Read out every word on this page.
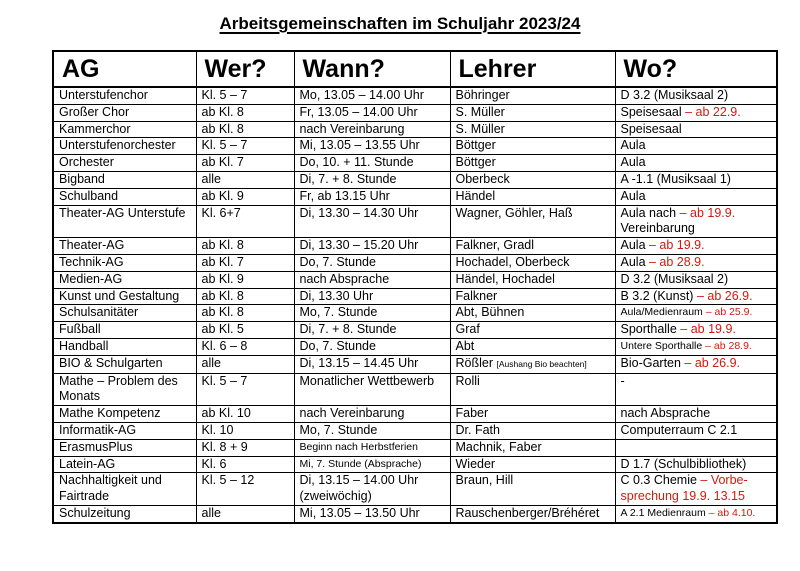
Arbeitsgemeinschaften im Schuljahr 2023/24
AG	Wer?	Wann?	Lehrer	Wo?
Unterstufenchor	Kl. 5 – 7	Mo, 13.05 – 14.00 Uhr	Böhringer	D 3.2 (Musiksaal 2)
Großer Chor	ab Kl. 8	Fr, 13.05 – 14.00 Uhr	S. Müller	Speisesaal – ab 22.9.
Kammerchor	ab Kl. 8	nach Vereinbarung	S. Müller	Speisesaal
Unterstufenorchester	Kl. 5 – 7	Mi, 13.05 – 13.55 Uhr	Böttger	Aula
Orchester	ab Kl. 7	Do, 10. + 11. Stunde	Böttger	Aula
Bigband	alle	Di, 7. + 8. Stunde	Oberbeck	A -1.1 (Musiksaal 1)
Schulband	ab Kl. 9	Fr, ab 13.15 Uhr	Händel	Aula
Theater-AG Unterstufe	Kl. 6+7	Di, 13.30 – 14.30 Uhr	Wagner, Göhler, Haß	Aula nach – ab 19.9.
Vereinbarung
Theater-AG	ab Kl. 8	Di, 13.30 – 15.20 Uhr	Falkner, Gradl	Aula – ab 19.9.
Technik-AG	ab Kl. 7	Do, 7. Stunde	Hochadel, Oberbeck	Aula – ab 28.9.
Medien-AG	ab Kl. 9	nach Absprache	Händel, Hochadel	D 3.2 (Musiksaal 2)
Kunst und Gestaltung	ab Kl. 8	Di, 13.30 Uhr	Falkner	B 3.2 (Kunst) – ab 26.9.
Schulsanitäter	ab Kl. 8	Mo, 7. Stunde	Abt, Bühnen	Aula/Medienraum – ab 25.9.
Fußball	ab Kl. 5	Di, 7. + 8. Stunde	Graf	Sporthalle – ab 19.9.
Handball	Kl. 6 – 8	Do, 7. Stunde	Abt	Untere Sporthalle – ab 28.9.
BIO & Schulgarten	alle	Di, 13.15 – 14.45 Uhr	Rößler [Aushang Bio beachten]	Bio-Garten – ab 26.9.
Mathe – Problem des Monats	Kl. 5 – 7	Monatlicher Wettbewerb	Rolli	-
Mathe Kompetenz	ab Kl. 10	nach Vereinbarung	Faber	nach Absprache
Informatik-AG	Kl. 10	Mo, 7. Stunde	Dr. Fath	Computerraum C 2.1
ErasmusPlus	Kl. 8 + 9	Beginn nach Herbstferien	Machnik, Faber	
Latein-AG	Kl. 6	Mi, 7. Stunde (Absprache)	Wieder	D 1.7 (Schulbibliothek)
Nachhaltigkeit und Fairtrade	Kl. 5 – 12	Di, 13.15 – 14.00 Uhr (zweiwöchig)	Braun, Hill	C 0.3 Chemie – Vorbe-sprechung 19.9. 13.15
Schulzeitung	alle	Mi, 13.05 – 13.50 Uhr	Rauschenberger/Bréhéret	A 2.1 Medienraum – ab 4.10.
